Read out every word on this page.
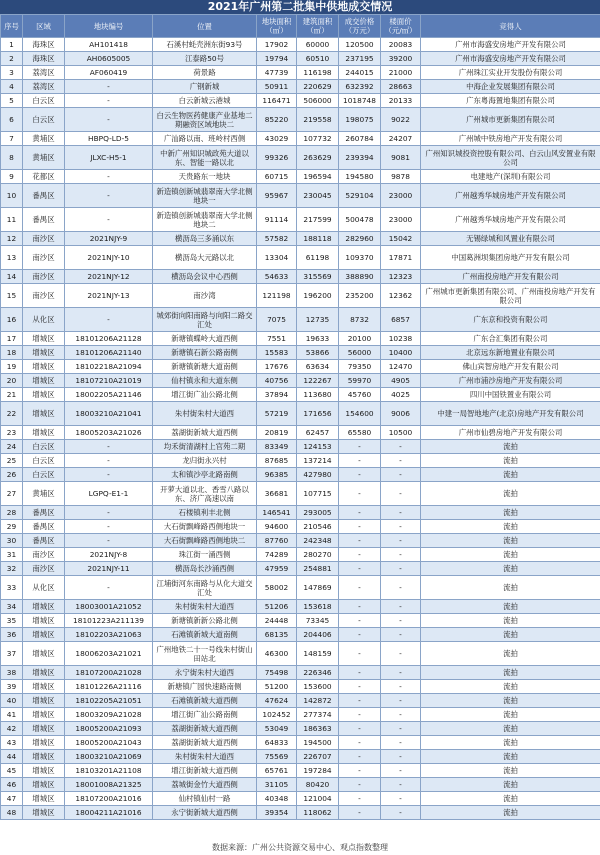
2021年广州第二批集中供地成交情况
序号	区域	地块编号	位置	地块面积（㎡）	建筑面积（㎡）	成交价格（万元）	楼面价（元/㎡）	竞得人
1	海珠区	AH101418	石溪村蚝壳洲东街93号	17902	60000	120500	20083	广州市海盛安房地产开发有限公司
2	海珠区	AH0605005	江泰路50号	19794	60510	237195	39200	广州市海盛安房地产开发有限公司
3	荔湾区	AF060419	荷景路	47739	116198	244015	21000	广州珠江实业开发股份有限公司
4	荔湾区	-	广钢新城	50911	220629	632392	28663	中海企业发展集团有限公司
5	白云区	-	白云新城云港城	116471	506000	1018748	20133	广东粤海置地集团有限公司
6	白云区	-	白云生物医药健康产业基地二期融资区域地块二	85220	219558	198075	9022	广州城市更新集团有限公司
7	黄埔区	HBPQ-LD-5	广汕路以南、班岭村西侧	43029	107732	260784	24207	广州城中铁房地产开发有限公司
8	黄埔区	JLXC-H5-1	中新广州知识城政苑大道以东、智能一路以北	99326	263629	239394	9081	广州知识城投资控股有限公司、白云山风安置业有限公司
9	花都区	-	天贵路东一地块	60715	196594	194580	9878	电建地产(深圳)有限公司
10	番禺区	-	新造镇创新城翡翠南大学北侧地块一	95967	230045	529104	23000	广州越秀华城房地产开发有限公司
11	番禺区	-	新造镇创新城翡翠南大学北侧地块二	91114	217599	500478	23000	广州越秀华城房地产开发有限公司
12	南沙区	2021NJY-9	横沥岛三多涌以东	57582	188118	282960	15042	无锡绿城和风置业有限公司
13	南沙区	2021NJY-10	横沥岛大元路以北	13304	61198	109370	17871	中国葛洲坝集团房地产开发有限公司
14	南沙区	2021NJY-12	横沥岛会议中心西侧	54633	315569	388890	12323	广州南投房地产开发有限公司
15	南沙区	2021NJY-13	南沙湾	121198	196200	235200	12362	广州城市更新集团有限公司、广州南投房地产开发有限公司
16	从化区	-	城郊街向阳南路与向阳二路交汇处	7075	12735	8732	6857	广东京和投资有限公司
17	增城区	18101206A21128	新塘镇蝶岭大道西侧	7551	19633	20100	10238	广东合汇集团有限公司
18	增城区	18101206A21140	新塘镇石新公路南侧	15583	53866	56000	10400	北京远东新地置业有限公司
19	增城区	18102218A21094	新塘镇新塘大道南侧	17676	63634	79350	12470	佛山宾智房地产开发有限公司
20	增城区	18107210A21019	仙村镇永和大道东侧	40756	122267	59970	4905	广州市浦沙房地产开发有限公司
21	增城区	18002205A21146	增江街广汕公路北侧	37894	113680	45760	4025	四川中国铁置业有限公司
22	增城区	18003210A21041	朱村街朱村大道西	57219	171656	154600	9006	中建一局智地地产(北京)房地产开发有限公司
23	增城区	18005203A21026	荔湖街新城大道西侧	20819	62457	65580	10500	广州市仙碧房地产开发有限公司
24	白云区	-	均禾街清湖村上官苑二期	83349	124153	-	-	流拍
25	白云区	-	龙归街永兴村	87685	137214	-	-	流拍
26	白云区	-	太和镇沙亭北路南侧	96385	427980	-	-	流拍
27	黄埔区	LGPQ-E1-1	开萝大道以北、香雪八路以东、济广高速以南	36681	107715	-	-	流拍
28	番禺区	-	石楼镇利丰北侧	146541	293005	-	-	流拍
29	番禺区	-	大石街飘峰路西侧地块一	94600	210546	-	-	流拍
30	番禺区	-	大石街飘峰路西侧地块二	87760	242348	-	-	流拍
31	南沙区	2021NJY-8	珠江街一涌西侧	74289	280270	-	-	流拍
32	南沙区	2021NJY-11	横沥岛长沙涌西侧	47959	254881	-	-	流拍
33	从化区	-	江埔街河东南路与从化大道交汇处	58002	147869	-	-	流拍
34	增城区	18003001A21052	朱村街朱村大道西	51206	153618	-	-	流拍
35	增城区	18101223A211139	新塘镇新新公路北侧	24448	73345	-	-	流拍
36	增城区	18102203A21063	石滩镇新城大道南侧	68135	204406	-	-	流拍
37	增城区	18006203A21021	广州地铁二十一号线朱村街山田站北	46300	148159	-	-	流拍
38	增城区	18107200A21028	永宁街朱村大道西	75498	226346	-	-	流拍
39	增城区	18101226A21116	新塘镇广园快速路南侧	51200	153600	-	-	流拍
40	增城区	18102205A21051	石滩镇新城大道西侧	47624	142872	-	-	流拍
41	增城区	18003209A21028	增江街广汕公路南侧	102452	277374	-	-	流拍
42	增城区	18005200A21093	荔湖街新城大道西侧	53049	186363	-	-	流拍
43	增城区	18005200A21043	荔湖街新城大道西侧	64833	194500	-	-	流拍
44	增城区	18003210A21069	朱村街朱村大道西	75569	226707	-	-	流拍
45	增城区	18103201A21108	增江街新城大道西侧	65761	197284	-	-	流拍
46	增城区	18001008A21325	荔城街金竹大道西侧	31105	80420	-	-	流拍
47	增城区	18107200A21016	仙村镇仙村一路	40348	121004	-	-	流拍
48	增城区	18004211A21016	永宁街新城大道西侧	39354	118062	-	-	流拍
数据来源：广州公共资源交易中心、观点指数整理
